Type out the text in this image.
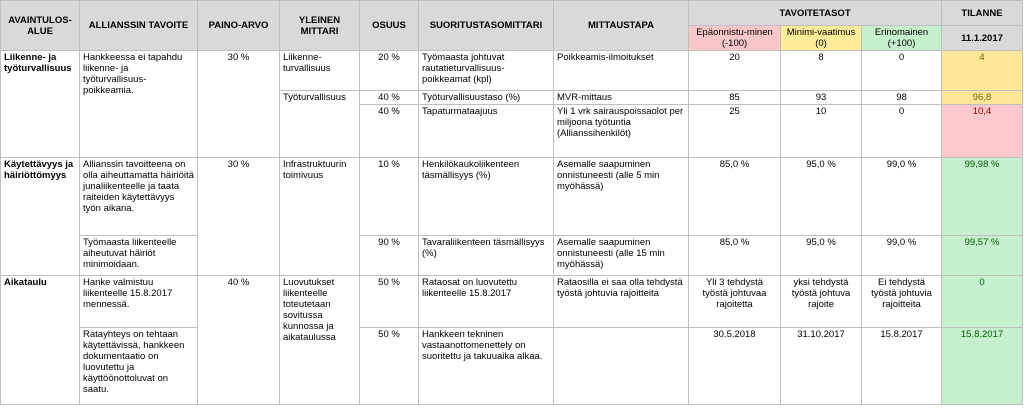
AVAINTULOS-ALUE	ALLIANSSIN TAVOITE	PAINO-ARVO	YLEINEN MITTARI	OSUUS	SUORITUSTASOMITTARI	MITTAUSTAPA	TAVOITETASOT			TILANNE
							Epäonnistu-minen (-100)	Minimi-vaatimus (0)	Erinomainen (+100)	11.1.2017
Liikenne- ja työturvallisuus	Hankkeessa ei tapahdu liikenne- ja työturvallisuus-poikkeamia.	30 %	Liikenne-turvallisuus	20 %	Työmaasta johtuvat rautatieturvallisuus-poikkeamat (kpl)	Poikkeamis-ilmoitukset	20	8	0	4
			Työturvallisuus	40 %	Työturvallisuustaso (%)	MVR-mittaus	85	93	98	96,8
				40 %	Tapaturmataajuus	Yli 1 vrk sairauspoissaolot per miljoona työtuntia (Allianssihenkilöt)	25	10	0	10,4
Käytettävyys ja häiriöttömyys	Allianssin tavoitteena on olla aiheuttamatta häiriöitä junaliikenteelle ja taata raiteiden käytettävyys työn aikana.	30 %	Infrastruktuurin toimivuus	10 %	Henkilökaukoliikenteen täsmällisyys (%)	Asemalle saapuminen onnistuneesti (alle 5 min myöhässä)	85,0 %	95,0 %	99,0 %	99,98 %
	Työmaasta liikenteelle aiheutuvat häiriöt minimoidaan.			90 %	Tavaraliikenteen täsmällisyys (%)	Asemalle saapuminen onnistuneesti (alle 15 min myöhässä)	85,0 %	95,0 %	99,0 %	99,57 %
Aikataulu	Hanke valmistuu liikenteelle 15.8.2017 mennessä.	40 %	Luovutukset liikenteelle toteutetaan sovitussa kunnossa ja aikataulussa	50 %	Rataosat on luovutettu liikenteelle 15.8.2017	Rataosilla ei saa olla tehdystä työstä johtuvia rajoitteita	Yli 3 tehdystä työstä johtuvaa rajoitetta	yksi tehdystä työstä johtuva rajoite	Ei tehdystä työstä johtuvia rajoitteita	0
	Ratayhteys on tehtaan käytettävissä, hankkeen dokumentaatio on luovutettu ja käyttöönottoluvat on saatu.			50 %	Hankkeen tekninen vastaanottomenettely on suoritettu ja takuuaika alkaa.		30.5.2018	31.10.2017	15.8.2017	15.8.2017
